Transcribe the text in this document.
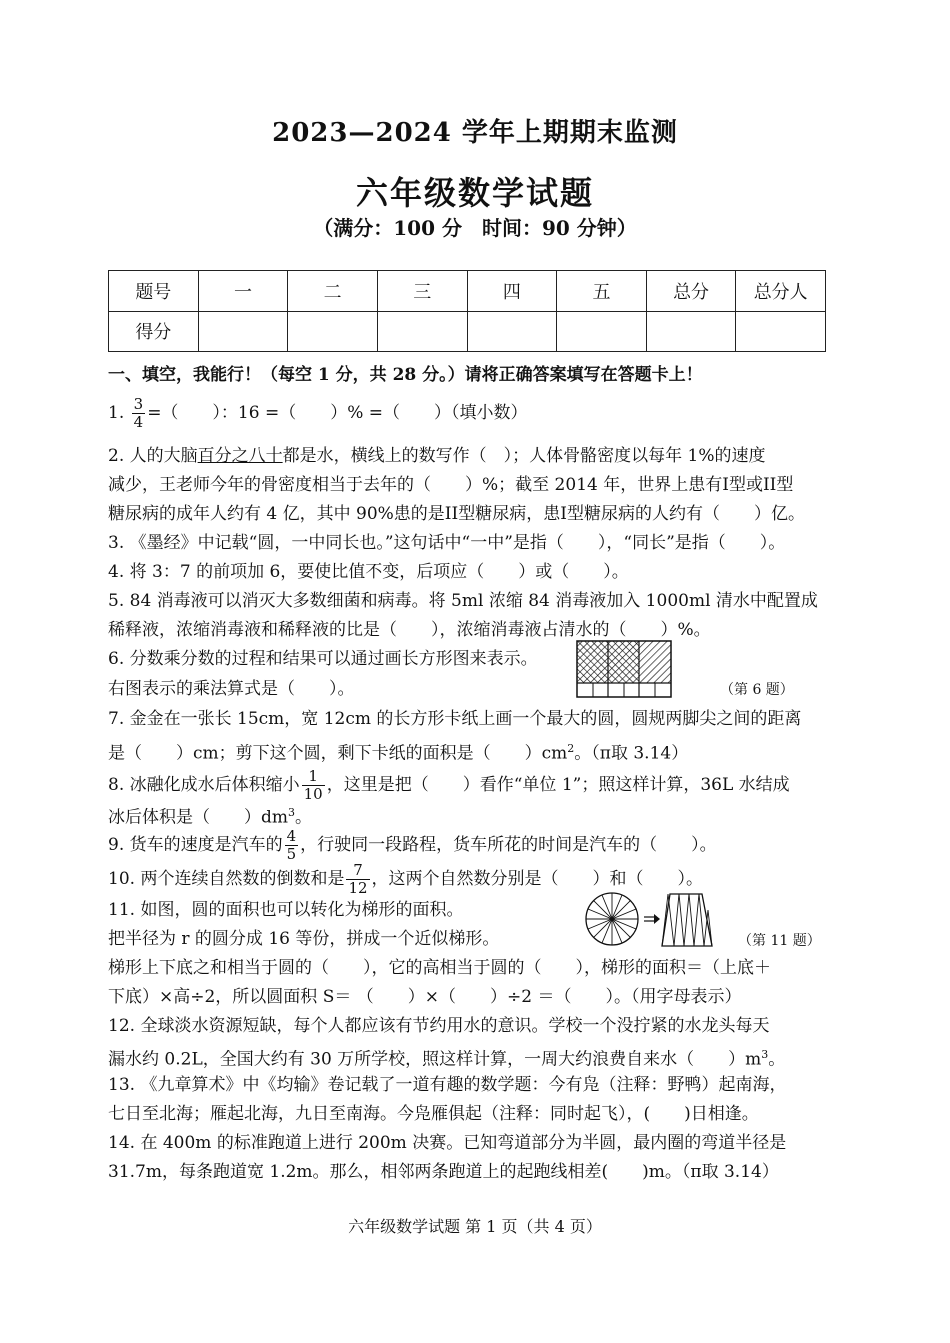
2023—2024 学年上期期末监测
六年级数学试题
（满分：100 分　时间：90 分钟）
题号	一	二	三	四	五	总分	总分人
得分							
一、填空，我能行！（每空 1 分，共 28 分。）请将正确答案填写在答题卡上！
1. $\frac{3}{4}$ =（　　）：16 =（　　）% =（　　）（填小数）
2. 人的大脑百分之八十都是水，横线上的数写作（　）；人体骨骼密度以每年 1%的速度
减少，王老师今年的骨密度相当于去年的（　　）%；截至 2014 年，世界上患有I型或II型
糖尿病的成年人约有 4 亿，其中 90%患的是II型糖尿病，患I型糖尿病的人约有（　　）亿。
3. 《墨经》中记载“圆，一中同长也。”这句话中“一中”是指（　　），“同长”是指（　　）。
4. 将 3：7 的前项加 6，要使比值不变，后项应（　　）或（　　）。
5. 84 消毒液可以消灭大多数细菌和病毒。将 5ml 浓缩 84 消毒液加入 1000ml 清水中配置成
稀释液，浓缩消毒液和稀释液的比是（　　），浓缩消毒液占清水的（　　）%。
6. 分数乘分数的过程和结果可以通过画长方形图来表示。
右图表示的乘法算式是（　　）。	（第 6 题）
7. 金金在一张长 15cm，宽 12cm 的长方形卡纸上画一个最大的圆，圆规两脚尖之间的距离
是（　　）cm；剪下这个圆，剩下卡纸的面积是（　　）$cm^2$。（π取 3.14）
8. 冰融化成水后体积缩小 $\frac{1}{10}$ ，这里是把（　　）看作“单位 1”；照这样计算，36L 水结成
冰后体积是（　　）$dm^3$。
9. 货车的速度是汽车的 $\frac{4}{5}$ ，行驶同一段路程，货车所花的时间是汽车的（　　）。
10. 两个连续自然数的倒数和是 $\frac{7}{12}$ ，这两个自然数分别是（　　）和（　　）。
11. 如图，圆的面积也可以转化为梯形的面积。
把半径为 r 的圆分成 16 等份，拼成一个近似梯形。	（第 11 题）
梯形上下底之和相当于圆的（　　），它的高相当于圆的（　　），梯形的面积＝（上底＋
下底）×高÷2，所以圆面积 S＝ （　　）×（　　）÷2 ＝（　　）。（用字母表示）
12. 全球淡水资源短缺，每个人都应该有节约用水的意识。学校一个没拧紧的水龙头每天
漏水约 0.2L，全国大约有 30 万所学校，照这样计算，一周大约浪费自来水（　　）$m^3$。
13. 《九章算术》中《均输》卷记载了一道有趣的数学题：今有凫（注释：野鸭）起南海，
七日至北海；雁起北海，九日至南海。今凫雁俱起（注释：同时起飞），(　　)日相逢。
14. 在 400m 的标准跑道上进行 200m 决赛。已知弯道部分为半圆，最内圈的弯道半径是
31.7m，每条跑道宽 1.2m。那么，相邻两条跑道上的起跑线相差(　　)m。（π取 3.14）
六年级数学试题 第 1 页（共 4 页）
